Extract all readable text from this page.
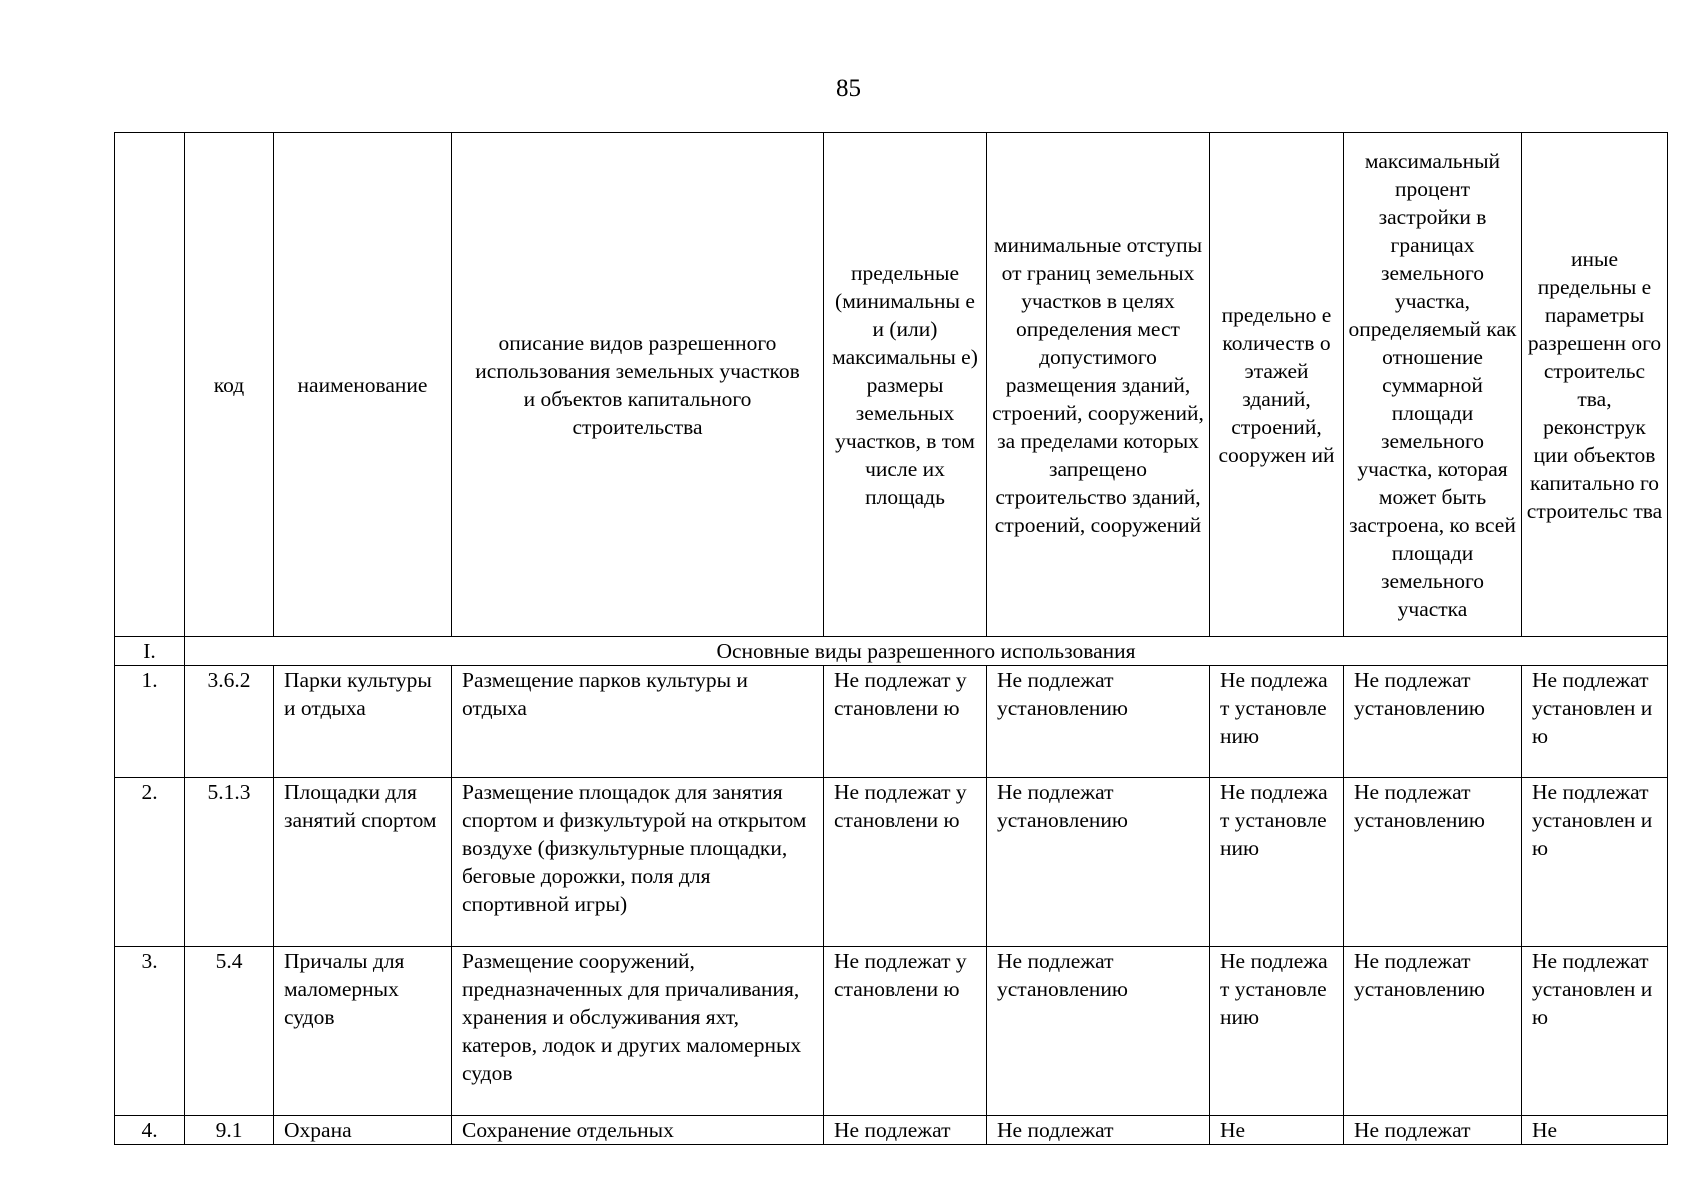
85
	код	наименование	описание видов разрешенного использования земельных участков и объектов капитального строительства	предельные (минимальны е и (или) максимальны е) размеры земельных участков, в том числе их площадь	минимальные отступы от границ земельных участков в целях определения мест допустимого размещения зданий, строений, сооружений, за пределами которых запрещено строительство зданий, строений, сооружений	предельно е количеств о этажей зданий, строений, сооружен ий	максимальный процент застройки в границах земельного участка, определяемый как отношение суммарной площади земельного участка, которая может быть застроена, ко всей площади земельного участка	иные предельны е параметры разрешенн ого строительс тва, реконструк ции объектов капитально го строительс тва
I.	Основные виды разрешенного использования							
1.	3.6.2	Парки культуры и отдыха	Размещение парков культуры и отдыха	Не подлежат установлени ю	Не подлежат установлению	Не подлежат установле нию	Не подлежат установлению	Не подлежат установлен ию
2.	5.1.3	Площадки для занятий спортом	Размещение площадок для занятия спортом и физкультурой на открытом воздухе (физкультурные площадки, беговые дорожки, поля для спортивной игры)	Не подлежат установлени ю	Не подлежат установлению	Не подлежат установле нию	Не подлежат установлению	Не подлежат установлен ию
3.	5.4	Причалы для маломерных судов	Размещение сооружений, предназначенных для причаливания, хранения и обслуживания яхт, катеров, лодок и других маломерных судов	Не подлежат установлени ю	Не подлежат установлению	Не подлежат установле нию	Не подлежат установлению	Не подлежат установлен ию
4.	9.1	Охрана	Сохранение отдельных	Не подлежат	Не подлежат	Не	Не подлежат	Не
